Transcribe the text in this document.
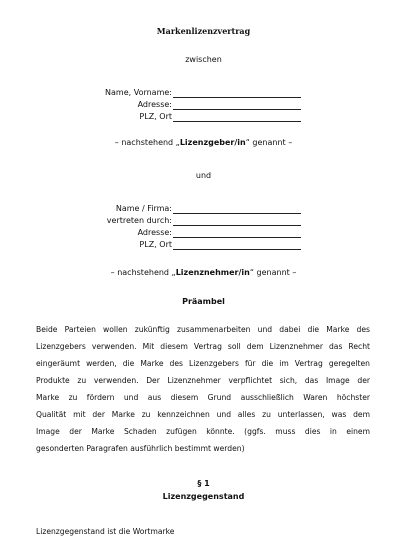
Markenlizenzvertrag
zwischen
Name, Vorname:
Adresse:
PLZ, Ort
– nachstehend „Lizenzgeber/in“ genannt –
und
Name / Firma:
vertreten durch:
Adresse:
PLZ, Ort
– nachstehend „Lizenznehmer/in“ genannt –
Präambel
Beide Parteien wollen zukünftig zusammenarbeiten und dabei die Marke des
Lizenzgebers verwenden. Mit diesem Vertrag soll dem Lizenznehmer das Recht
eingeräumt werden, die Marke des Lizenzgebers für die im Vertrag geregelten
Produkte zu verwenden. Der Lizenznehmer verpflichtet sich, das Image der
Marke zu fördern und aus diesem Grund ausschließlich Waren höchster
Qualität mit der Marke zu kennzeichnen und alles zu unterlassen, was dem
Image der Marke Schaden zufügen könnte. (ggfs. muss dies in einem
gesonderten Paragrafen ausführlich bestimmt werden)
§ 1
Lizenzgegenstand
Lizenzgegenstand ist die Wortmarke
